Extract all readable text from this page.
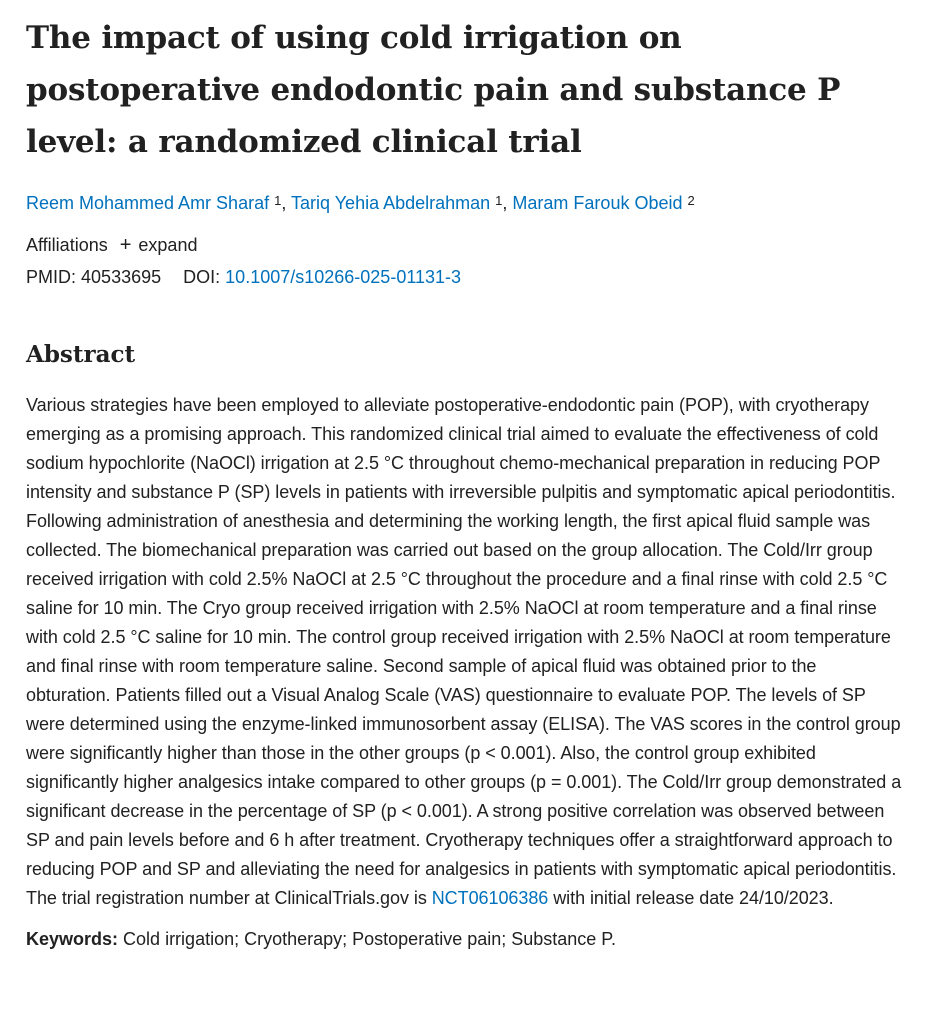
The impact of using cold irrigation on postoperative endodontic pain and substance P level: a randomized clinical trial
Reem Mohammed Amr Sharaf $^1$, Tariq Yehia Abdelrahman $^1$, Maram Farouk Obeid $^2$
Affiliations + expand
PMID: 40533695 DOI: 10.1007/s10266-025-01131-3
Abstract
Various strategies have been employed to alleviate postoperative-endodontic pain (POP), with cryotherapy emerging as a promising approach. This randomized clinical trial aimed to evaluate the effectiveness of cold sodium hypochlorite (NaOCl) irrigation at 2.5 °C throughout chemo-mechanical preparation in reducing POP intensity and substance P (SP) levels in patients with irreversible pulpitis and symptomatic apical periodontitis. Following administration of anesthesia and determining the working length, the first apical fluid sample was collected. The biomechanical preparation was carried out based on the group allocation. The Cold/Irr group received irrigation with cold 2.5% NaOCl at 2.5 °C throughout the procedure and a final rinse with cold 2.5 °C saline for 10 min. The Cryo group received irrigation with 2.5% NaOCl at room temperature and a final rinse with cold 2.5 °C saline for 10 min. The control group received irrigation with 2.5% NaOCl at room temperature and final rinse with room temperature saline. Second sample of apical fluid was obtained prior to the obturation. Patients filled out a Visual Analog Scale (VAS) questionnaire to evaluate POP. The levels of SP were determined using the enzyme-linked immunosorbent assay (ELISA). The VAS scores in the control group were significantly higher than those in the other groups (p < 0.001). Also, the control group exhibited significantly higher analgesics intake compared to other groups (p = 0.001). The Cold/Irr group demonstrated a significant decrease in the percentage of SP (p < 0.001). A strong positive correlation was observed between SP and pain levels before and 6 h after treatment. Cryotherapy techniques offer a straightforward approach to reducing POP and SP and alleviating the need for analgesics in patients with symptomatic apical periodontitis. The trial registration number at ClinicalTrials.gov is NCT06106386 with initial release date 24/10/2023.
Keywords: Cold irrigation; Cryotherapy; Postoperative pain; Substance P.
